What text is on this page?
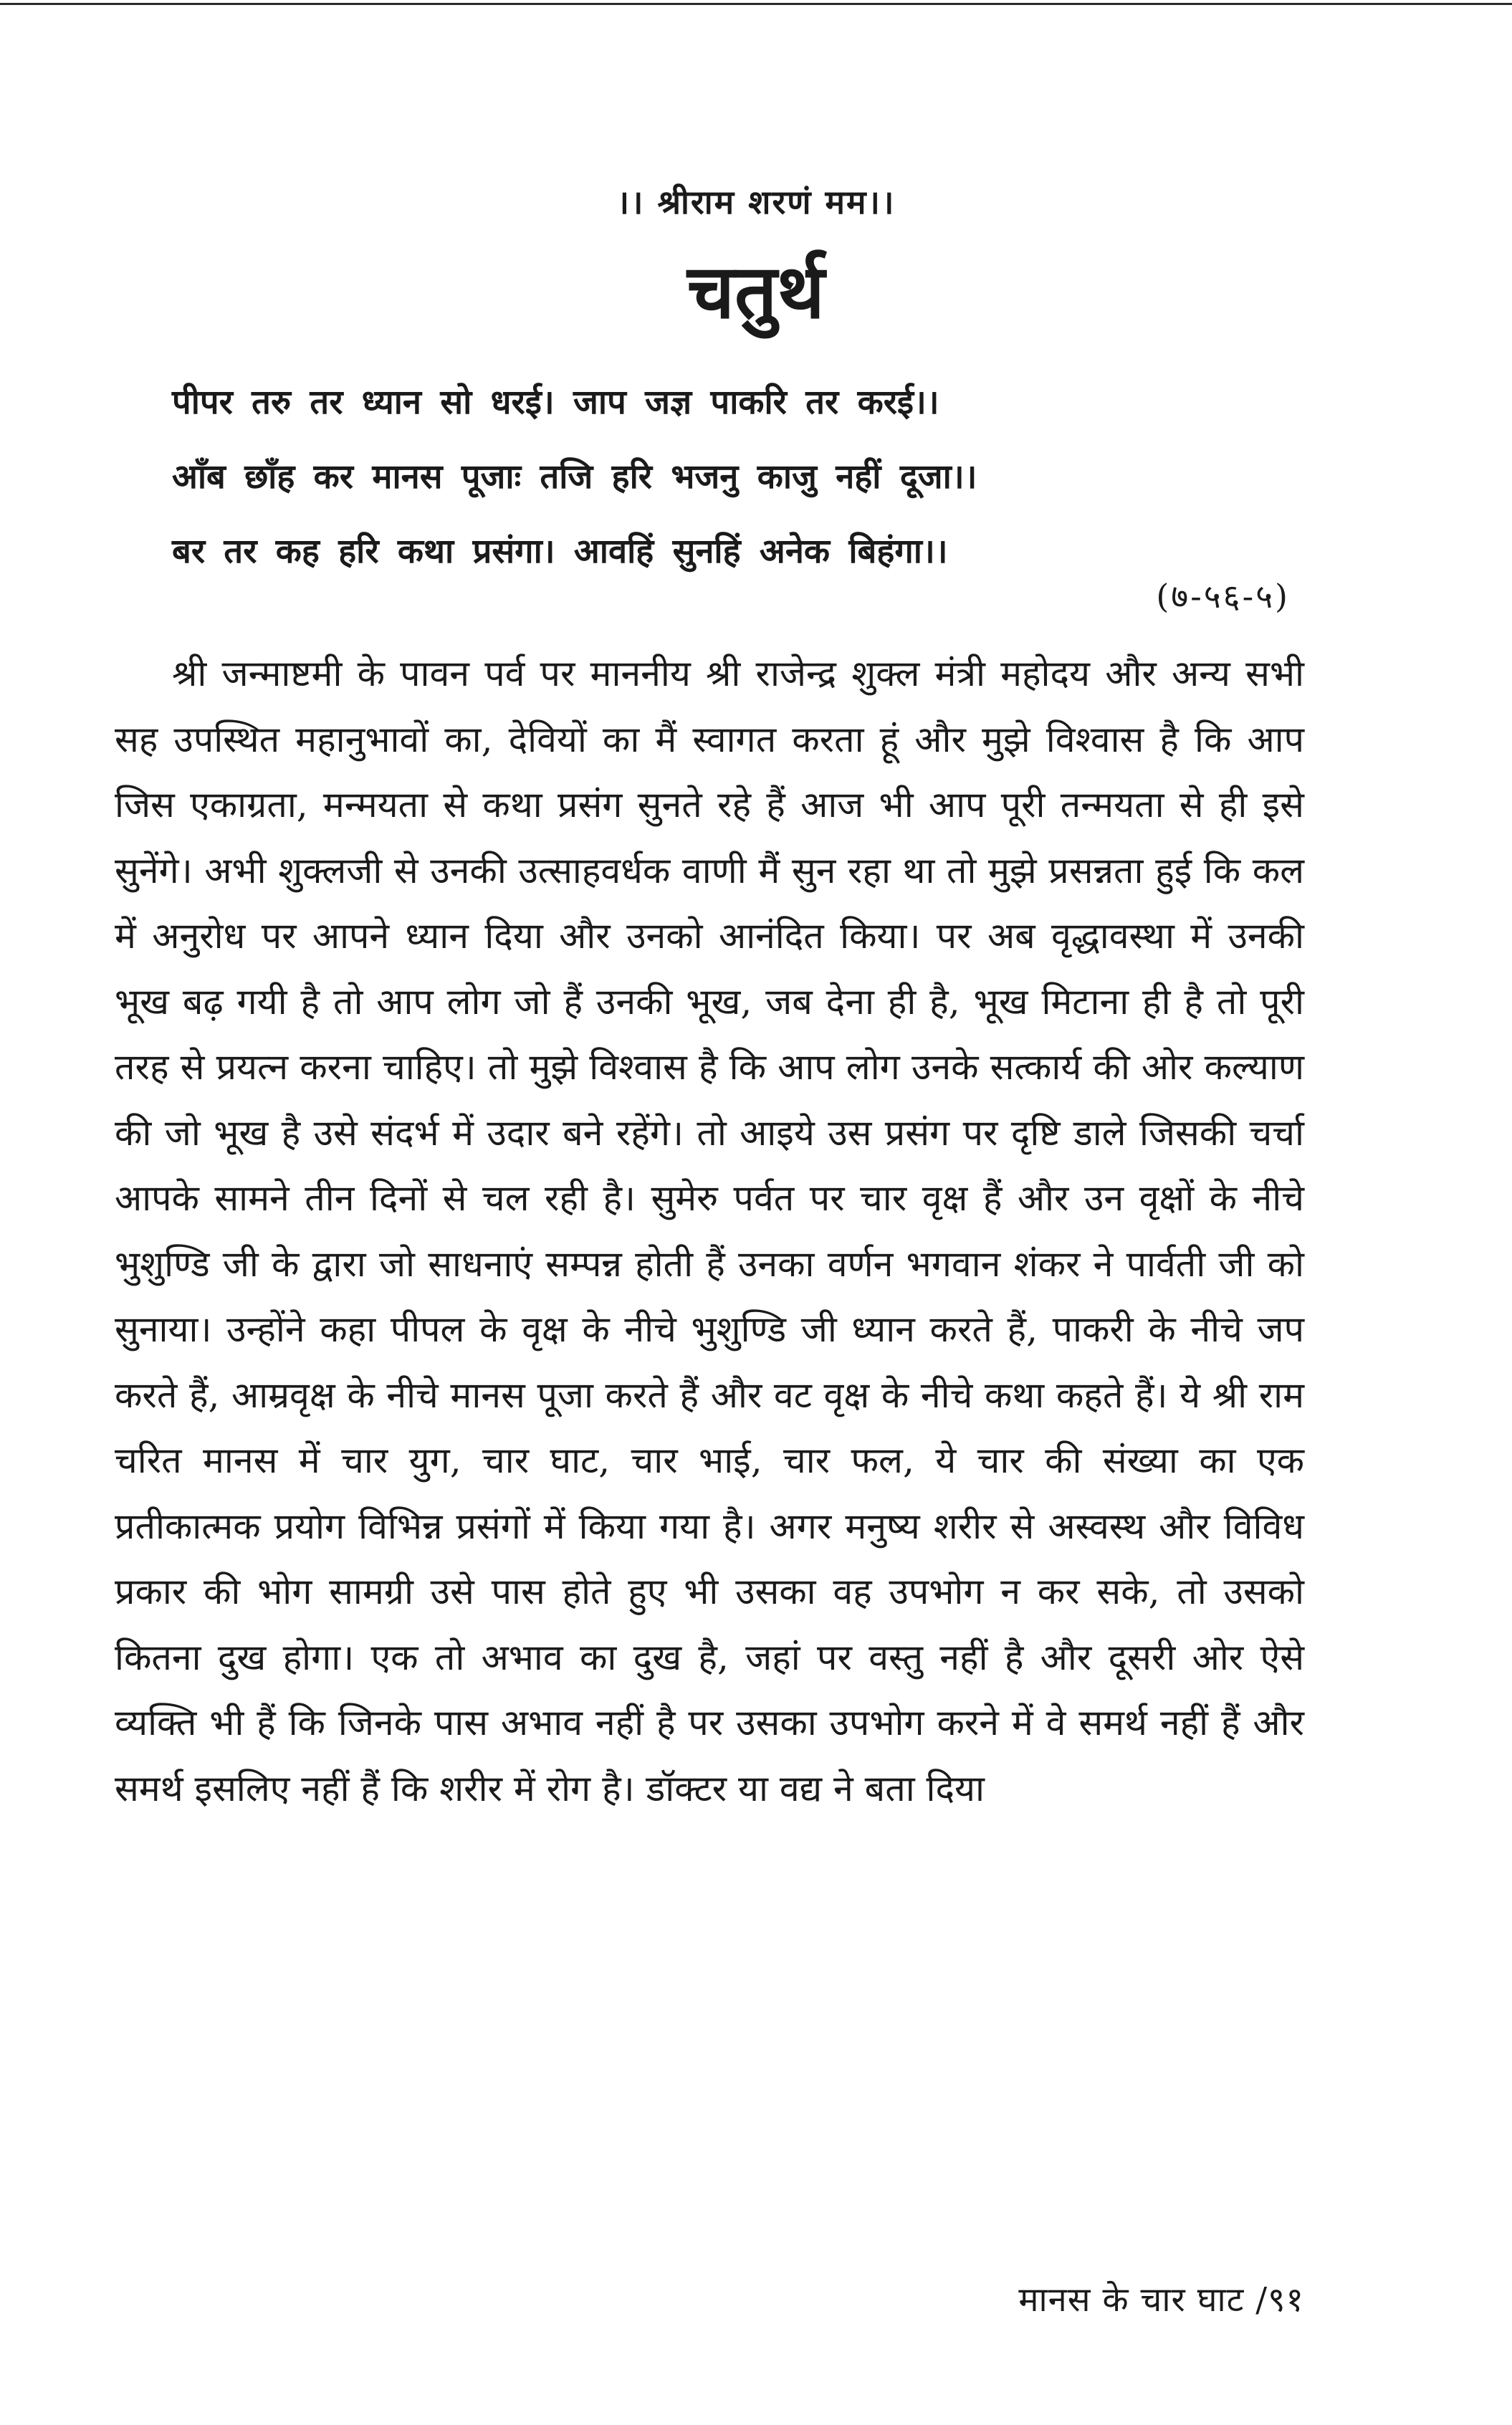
।। श्रीराम शरणं मम।।
चतुर्थ
पीपर तरु तर ध्यान सो धरई। जाप जज्ञ पाकरि तर करई।।
आँब छाँह कर मानस पूजाः तजि हरि भजनु काजु नहीं दूजा।।
बर तर कह हरि कथा प्रसंगा। आवहिं सुनहिं अनेक बिहंगा।।
(७-५६-५)

श्री जन्माष्टमी के पावन पर्व पर माननीय श्री राजेन्द्र शुक्ल मंत्री महोदय और अन्य सभी सह उपस्थित महानुभावों का, देवियों का मैं स्वागत करता हूं और मुझे विश्वास है कि आप जिस एकाग्रता, मन्मयता से कथा प्रसंग सुनते रहे हैं आज भी आप पूरी तन्मयता से ही इसे सुनेंगे। अभी शुक्लजी से उनकी उत्साहवर्धक वाणी मैं सुन रहा था तो मुझे प्रसन्नता हुई कि कल में अनुरोध पर आपने ध्यान दिया और उनको आनंदित किया। पर अब वृद्धावस्था में उनकी भूख बढ़ गयी है तो आप लोग जो हैं उनकी भूख, जब देना ही है, भूख मिटाना ही है तो पूरी तरह से प्रयत्न करना चाहिए। तो मुझे विश्वास है कि आप लोग उनके सत्कार्य की ओर कल्याण की जो भूख है उसे संदर्भ में उदार बने रहेंगे। तो आइये उस प्रसंग पर दृष्टि डाले जिसकी चर्चा आपके सामने तीन दिनों से चल रही है। सुमेरु पर्वत पर चार वृक्ष हैं और उन वृक्षों के नीचे भुशुण्डि जी के द्वारा जो साधनाएं सम्पन्न होती हैं उनका वर्णन भगवान शंकर ने पार्वती जी को सुनाया। उन्होंने कहा पीपल के वृक्ष के नीचे भुशुण्डि जी ध्यान करते हैं, पाकरी के नीचे जप करते हैं, आम्रवृक्ष के नीचे मानस पूजा करते हैं और वट वृक्ष के नीचे कथा कहते हैं। ये श्री राम चरित मानस में चार युग, चार घाट, चार भाई, चार फल, ये चार की संख्या का एक प्रतीकात्मक प्रयोग विभिन्न प्रसंगों में किया गया है। अगर मनुष्य शरीर से अस्वस्थ और विविध प्रकार की भोग सामग्री उसे पास होते हुए भी उसका वह उपभोग न कर सके, तो उसको कितना दुख होगा। एक तो अभाव का दुख है, जहां पर वस्तु नहीं है और दूसरी ओर ऐसे व्यक्ति भी हैं कि जिनके पास अभाव नहीं है पर उसका उपभोग करने में वे समर्थ नहीं हैं और समर्थ इसलिए नहीं हैं कि शरीर में रोग है। डॉक्टर या वद्य ने बता दिया

मानस के चार घाट /९१
